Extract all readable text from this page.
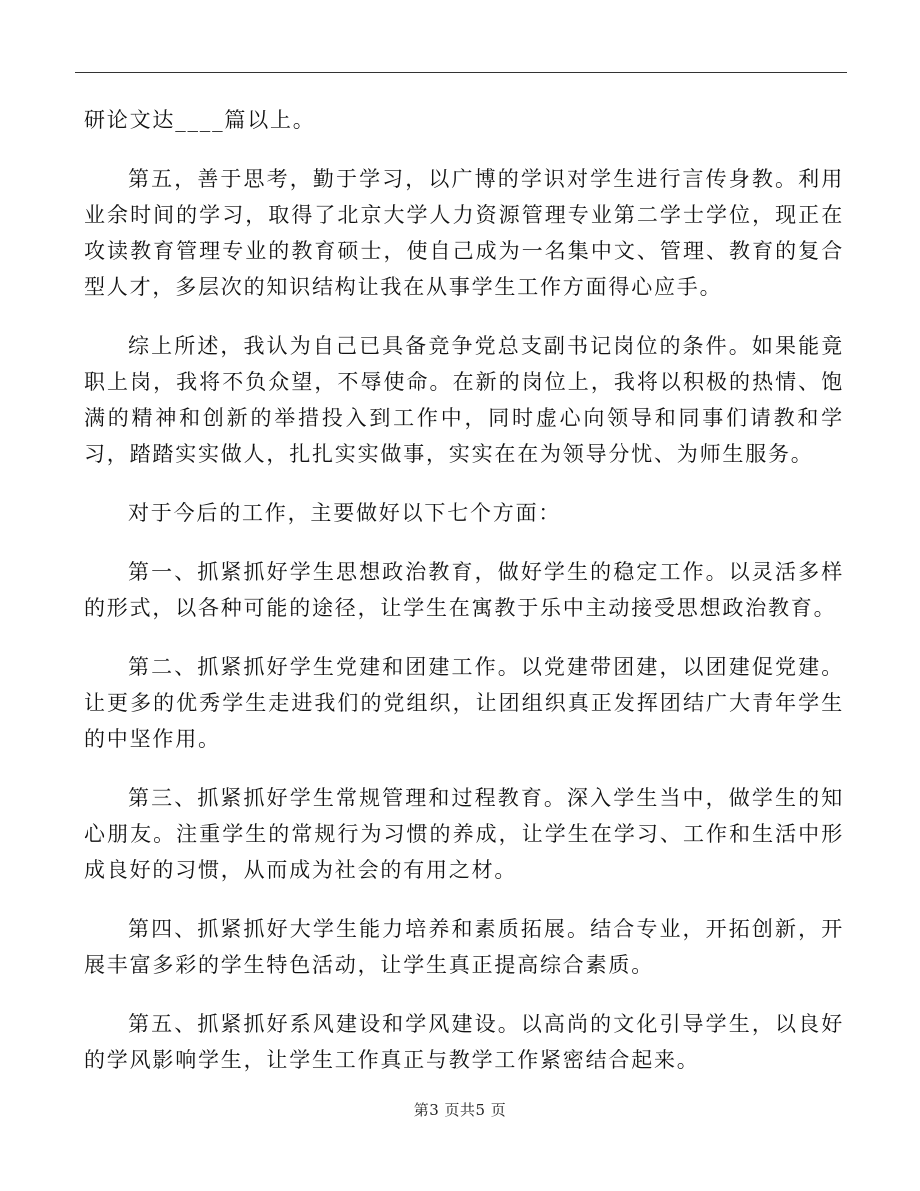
研论文达____篇以上。

第五，善于思考，勤于学习，以广博的学识对学生进行言传身教。利用业余时间的学习，取得了北京大学人力资源管理专业第二学士学位，现正在攻读教育管理专业的教育硕士，使自己成为一名集中文、管理、教育的复合型人才，多层次的知识结构让我在从事学生工作方面得心应手。

综上所述，我认为自己已具备竞争党总支副书记岗位的条件。如果能竟职上岗，我将不负众望，不辱使命。在新的岗位上，我将以积极的热情、饱满的精神和创新的举措投入到工作中，同时虚心向领导和同事们请教和学习，踏踏实实做人，扎扎实实做事，实实在在为领导分忧、为师生服务。

对于今后的工作，主要做好以下七个方面：

第一、抓紧抓好学生思想政治教育，做好学生的稳定工作。以灵活多样的形式，以各种可能的途径，让学生在寓教于乐中主动接受思想政治教育。

第二、抓紧抓好学生党建和团建工作。以党建带团建，以团建促党建。让更多的优秀学生走进我们的党组织，让团组织真正发挥团结广大青年学生的中坚作用。

第三、抓紧抓好学生常规管理和过程教育。深入学生当中，做学生的知心朋友。注重学生的常规行为习惯的养成，让学生在学习、工作和生活中形成良好的习惯，从而成为社会的有用之材。

第四、抓紧抓好大学生能力培养和素质拓展。结合专业，开拓创新，开展丰富多彩的学生特色活动，让学生真正提高综合素质。

第五、抓紧抓好系风建设和学风建设。以高尚的文化引导学生，以良好的学风影响学生，让学生工作真正与教学工作紧密结合起来。

第3 页共5 页
